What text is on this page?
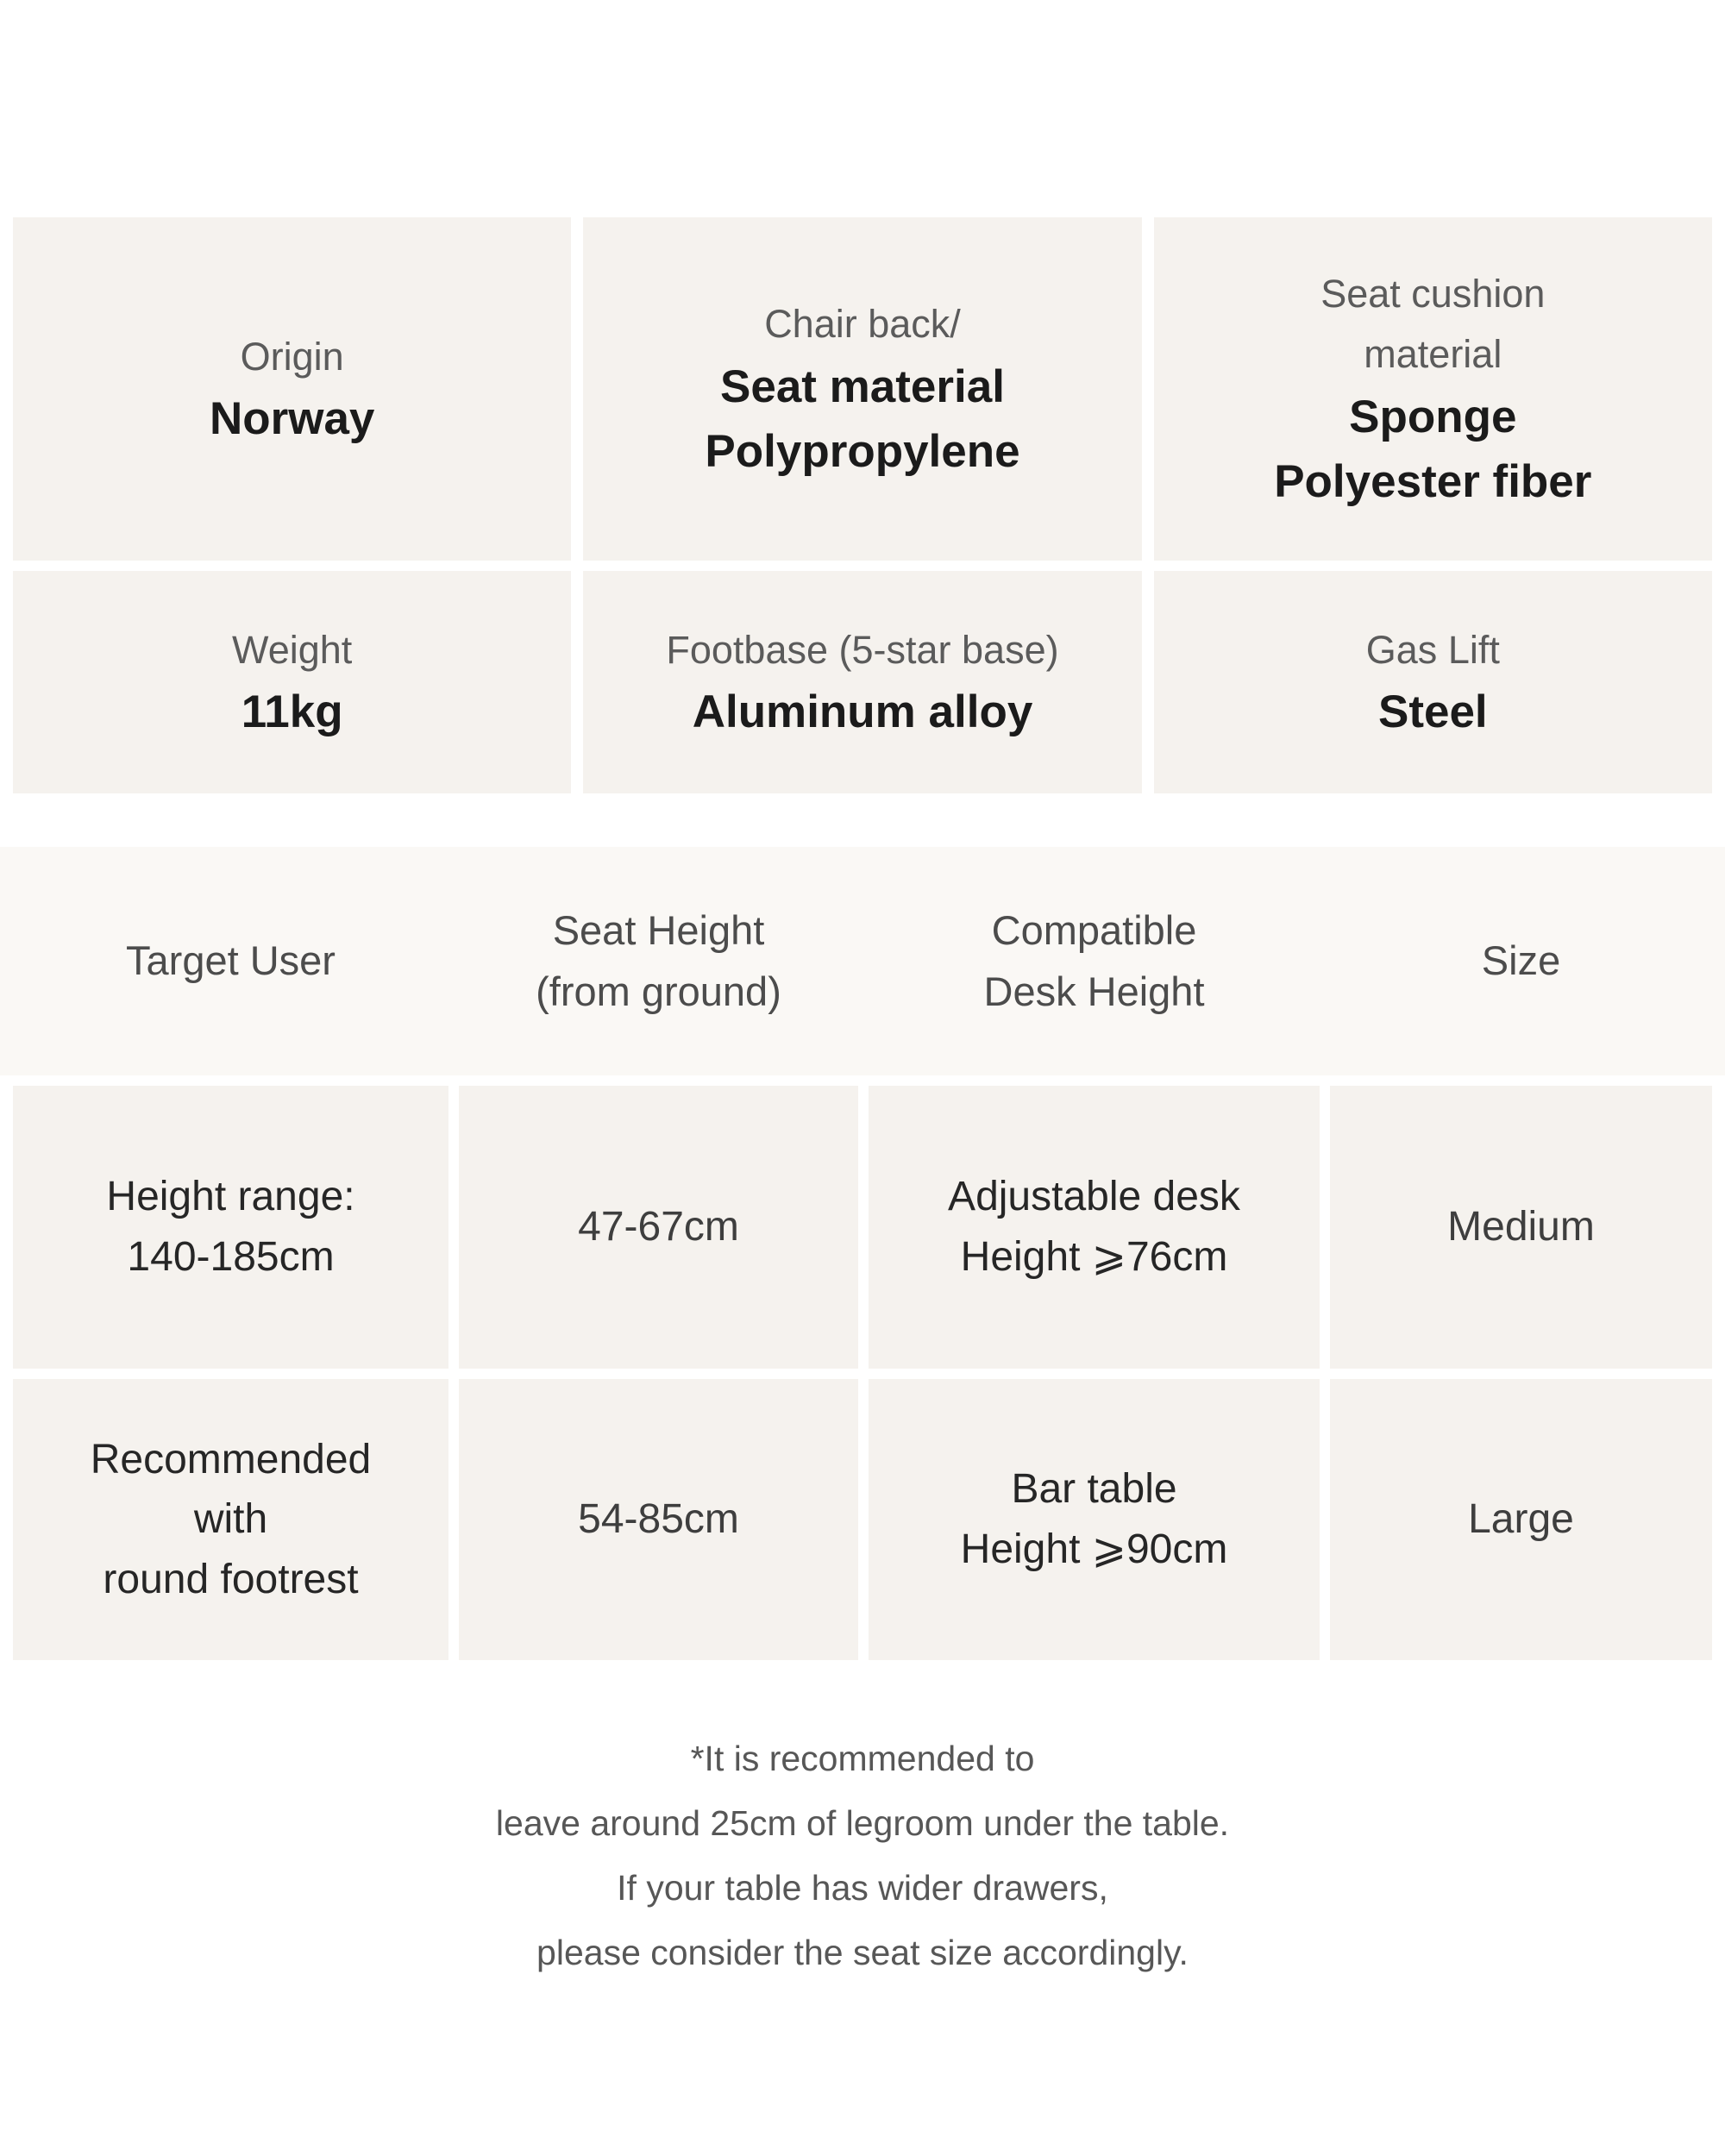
Origin
Norway
Chair back/
Seat material
Polypropylene
Seat cushion
material
Sponge
Polyester fiber
Weight
11kg
Footbase (5-star base)
Aluminum alloy
Gas Lift
Steel
Target User
Seat Height
(from ground)
Compatible
Desk Height
Size
Height range:
140-185cm
47-67cm
Adjustable desk
Height ⩾76cm
Medium
Recommended
with
round footrest
54-85cm
Bar table
Height ⩾90cm
Large
*It is recommended to
leave around 25cm of legroom under the table.
If your table has wider drawers,
please consider the seat size accordingly.
